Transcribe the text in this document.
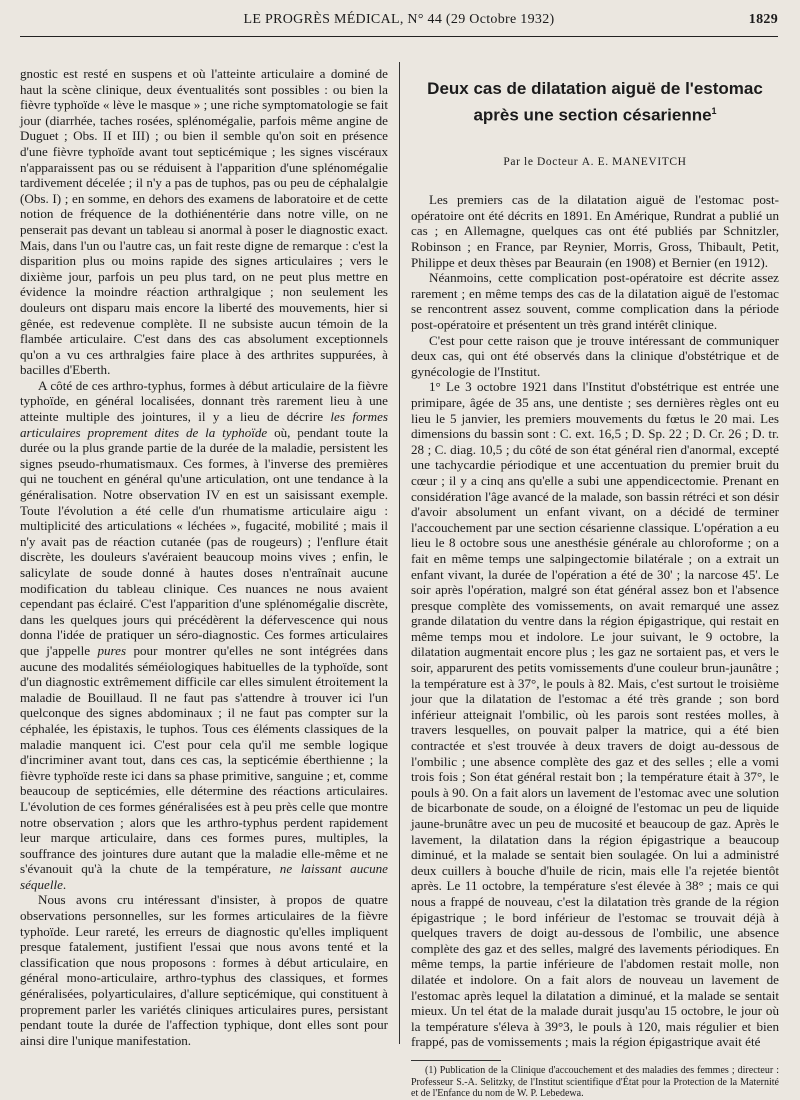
LE PROGRÈS MÉDICAL, N° 44 (29 Octobre 1932)	1829

gnostic est resté en suspens et où l'atteinte articulaire a dominé de haut la scène clinique, deux éventualités sont possibles : ou bien la fièvre typhoïde « lève le masque » ; une riche symptomatologie se fait jour (diarrhée, taches rosées, splénomégalie, parfois même angine de Duguet ; Obs. II et III) ; ou bien il semble qu'on soit en présence d'une fièvre typhoïde avant tout septicémique ; les signes viscéraux n'apparaissent pas ou se réduisent à l'apparition d'une splénomégalie tardivement décelée ; il n'y a pas de tuphos, pas ou peu de céphalalgie (Obs. I) ; en somme, en dehors des examens de laboratoire et de cette notion de fréquence de la dothiénentérie dans notre ville, on ne penserait pas devant un tableau si anormal à poser le diagnostic exact. Mais, dans l'un ou l'autre cas, un fait reste digne de remarque : c'est la disparition plus ou moins rapide des signes articulaires ; vers le dixième jour, parfois un peu plus tard, on ne peut plus mettre en évidence la moindre réaction arthralgique ; non seulement les douleurs ont disparu mais encore la liberté des mouvements, hier si gênée, est redevenue complète. Il ne subsiste aucun témoin de la flambée articulaire. C'est dans des cas absolument exceptionnels qu'on a vu ces arthralgies faire place à des arthrites suppurées, à bacilles d'Eberth.

A côté de ces arthro-typhus, formes à début articulaire de la fièvre typhoïde, en général localisées, donnant très rarement lieu à une atteinte multiple des jointures, il y a lieu de décrire les formes articulaires proprement dites de la typhoïde où, pendant toute la durée ou la plus grande partie de la durée de la maladie, persistent les signes pseudo-rhumatismaux. Ces formes, à l'inverse des premières qui ne touchent en général qu'une articulation, ont une tendance à la généralisation. Notre observation IV en est un saisissant exemple. Toute l'évolution a été celle d'un rhumatisme articulaire aigu : multiplicité des articulations « léchées », fugacité, mobilité ; mais il n'y avait pas de réaction cutanée (pas de rougeurs) ; l'enflure était discrète, les douleurs s'avéraient beaucoup moins vives ; enfin, le salicylate de soude donné à hautes doses n'entraînait aucune modification du tableau clinique. Ces nuances ne nous avaient cependant pas éclairé. C'est l'apparition d'une splénomégalie discrète, dans les quelques jours qui précédèrent la défervescence qui nous donna l'idée de pratiquer un séro-diagnostic. Ces formes articulaires que j'appelle pures pour montrer qu'elles ne sont intégrées dans aucune des modalités séméiologiques habituelles de la typhoïde, sont d'un diagnostic extrêmement difficile car elles simulent étroitement la maladie de Bouillaud. Il ne faut pas s'attendre à trouver ici l'un quelconque des signes abdominaux ; il ne faut pas compter sur la céphalée, les épistaxis, le tuphos. Tous ces éléments classiques de la maladie manquent ici. C'est pour cela qu'il me semble logique d'incriminer avant tout, dans ces cas, la septicémie éberthienne ; la fièvre typhoïde reste ici dans sa phase primitive, sanguine ; et, comme beaucoup de septicémies, elle détermine des réactions articulaires. L'évolution de ces formes généralisées est à peu près celle que montre notre observation ; alors que les arthro-typhus perdent rapidement leur marque articulaire, dans ces formes pures, multiples, la souffrance des jointures dure autant que la maladie elle-même et ne s'évanouit qu'à la chute de la température, ne laissant aucune séquelle.

Nous avons cru intéressant d'insister, à propos de quatre observations personnelles, sur les formes articulaires de la fièvre typhoïde. Leur rareté, les erreurs de diagnostic qu'elles impliquent presque fatalement, justifient l'essai que nous avons tenté et la classification que nous proposons : formes à début articulaire, en général mono-articulaire, arthro-typhus des classiques, et formes généralisées, polyarticulaires, d'allure septicémique, qui constituent à proprement parler les variétés cliniques articulaires pures, persistant pendant toute la durée de l'affection typhique, dont elles sont pour ainsi dire l'unique manifestation.

Deux cas de dilatation aiguë de l'estomac
après une section césarienne$^1$
Par le Docteur A. E. MANEVITCH

Les premiers cas de la dilatation aiguë de l'estomac post-opératoire ont été décrits en 1891. En Amérique, Rundrat a publié un cas ; en Allemagne, quelques cas ont été publiés par Schnitzler, Robinson ; en France, par Reynier, Morris, Gross, Thibault, Petit, Philippe et deux thèses par Beaurain (en 1908) et Bernier (en 1912).

Néanmoins, cette complication post-opératoire est décrite assez rarement ; en même temps des cas de la dilatation aiguë de l'estomac se rencontrent assez souvent, comme complication dans la période post-opératoire et présentent un très grand intérêt clinique.

C'est pour cette raison que je trouve intéressant de communiquer deux cas, qui ont été observés dans la clinique d'obstétrique et de gynécologie de l'Institut.

1° Le 3 octobre 1921 dans l'Institut d'obstétrique est entrée une primipare, âgée de 35 ans, une dentiste ; ses dernières règles ont eu lieu le 5 janvier, les premiers mouvements du fœtus le 20 mai. Les dimensions du bassin sont : C. ext. 16,5 ; D. Sp. 22 ; D. Cr. 26 ; D. tr. 28 ; C. diag. 10,5 ; du côté de son état général rien d'anormal, excepté une tachycardie périodique et une accentuation du premier bruit du cœur ; il y a cinq ans qu'elle a subi une appendicectomie. Prenant en considération l'âge avancé de la malade, son bassin rétréci et son désir d'avoir absolument un enfant vivant, on a décidé de terminer l'accouchement par une section césarienne classique. L'opération a eu lieu le 8 octobre sous une anesthésie générale au chloroforme ; on a fait en même temps une salpingectomie bilatérale ; on a extrait un enfant vivant, la durée de l'opération a été de 30' ; la narcose 45'. Le soir après l'opération, malgré son état général assez bon et l'absence presque complète des vomissements, on avait remarqué une assez grande dilatation du ventre dans la région épigastrique, qui restait en même temps mou et indolore. Le jour suivant, le 9 octobre, la dilatation augmentait encore plus ; les gaz ne sortaient pas, et vers le soir, apparurent des petits vomissements d'une couleur brun-jaunâtre ; la température est à 37°, le pouls à 82. Mais, c'est surtout le troisième jour que la dilatation de l'estomac a été très grande ; son bord inférieur atteignait l'ombilic, où les parois sont restées molles, à travers lesquelles, on pouvait palper la matrice, qui a été bien contractée et s'est trouvée à deux travers de doigt au-dessous de l'ombilic ; une absence complète des gaz et des selles ; elle a vomi trois fois ; Son état général restait bon ; la température était à 37°, le pouls à 90. On a fait alors un lavement de l'estomac avec une solution de bicarbonate de soude, on a éloigné de l'estomac un peu de liquide jaune-brunâtre avec un peu de mucosité et beaucoup de gaz. Après le lavement, la dilatation dans la région épigastrique a beaucoup diminué, et la malade se sentait bien soulagée. On lui a administré deux cuillers à bouche d'huile de ricin, mais elle l'a rejetée bientôt après. Le 11 octobre, la température s'est élevée à 38° ; mais ce qui nous a frappé de nouveau, c'est la dilatation très grande de la région épigastrique ; le bord inférieur de l'estomac se trouvait déjà à quelques travers de doigt au-dessous de l'ombilic, une absence complète des gaz et des selles, malgré des lavements périodiques. En même temps, la partie inférieure de l'abdomen restait molle, non dilatée et indolore. On a fait alors de nouveau un lavement de l'estomac après lequel la dilatation a diminué, et la malade se sentait mieux. Un tel état de la malade durait jusqu'au 15 octobre, le jour où la température s'éleva à 39°3, le pouls à 120, mais régulier et bien frappé, pas de vomissements ; mais la région épigastrique avait été

(1) Publication de la Clinique d'accouchement et des maladies des femmes ; directeur : Professeur S.-A. Selitzky, de l'Institut scientifique d'État pour la Protection de la Maternité et de l'Enfance du nom de W. P. Lebedewa.
